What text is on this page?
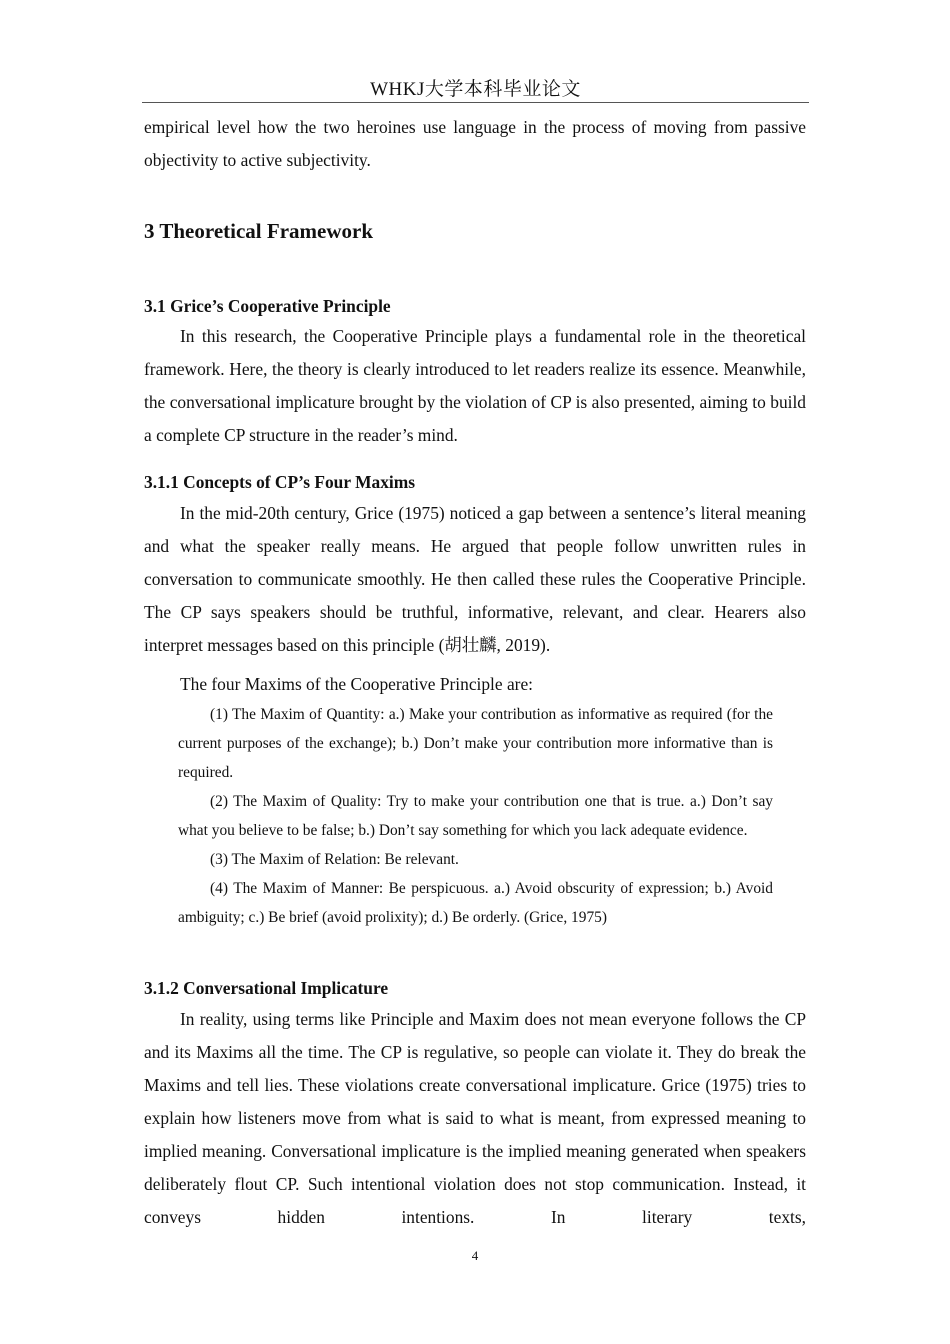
WHKJ大学本科毕业论文

empirical level how the two heroines use language in the process of moving from passive objectivity to active subjectivity.

3 Theoretical Framework
3.1 Grice’s Cooperative Principle

In this research, the Cooperative Principle plays a fundamental role in the theoretical framework. Here, the theory is clearly introduced to let readers realize its essence. Meanwhile, the conversational implicature brought by the violation of CP is also presented, aiming to build a complete CP structure in the reader’s mind.

3.1.1 Concepts of CP’s Four Maxims

In the mid-20th century, Grice (1975) noticed a gap between a sentence’s literal meaning and what the speaker really means. He argued that people follow unwritten rules in conversation to communicate smoothly. He then called these rules the Cooperative Principle. The CP says speakers should be truthful, informative, relevant, and clear. Hearers also interpret messages based on this principle (胡壮麟, 2019).

The four Maxims of the Cooperative Principle are:

(1) The Maxim of Quantity: a.) Make your contribution as informative as required (for the current purposes of the exchange); b.) Don’t make your contribution more informative than is required.

(2) The Maxim of Quality: Try to make your contribution one that is true. a.) Don’t say what you believe to be false; b.) Don’t say something for which you lack adequate evidence.

(3) The Maxim of Relation: Be relevant.

(4) The Maxim of Manner: Be perspicuous. a.) Avoid obscurity of expression; b.) Avoid ambiguity; c.) Be brief (avoid prolixity); d.) Be orderly. (Grice, 1975)

3.1.2 Conversational Implicature

In reality, using terms like Principle and Maxim does not mean everyone follows the CP and its Maxims all the time. The CP is regulative, so people can violate it. They do break the Maxims and tell lies. These violations create conversational implicature. Grice (1975) tries to explain how listeners move from what is said to what is meant, from expressed meaning to implied meaning. Conversational implicature is the implied meaning generated when speakers deliberately flout CP. Such intentional violation does not stop communication. Instead, it conveys hidden intentions. In literary texts,

4
